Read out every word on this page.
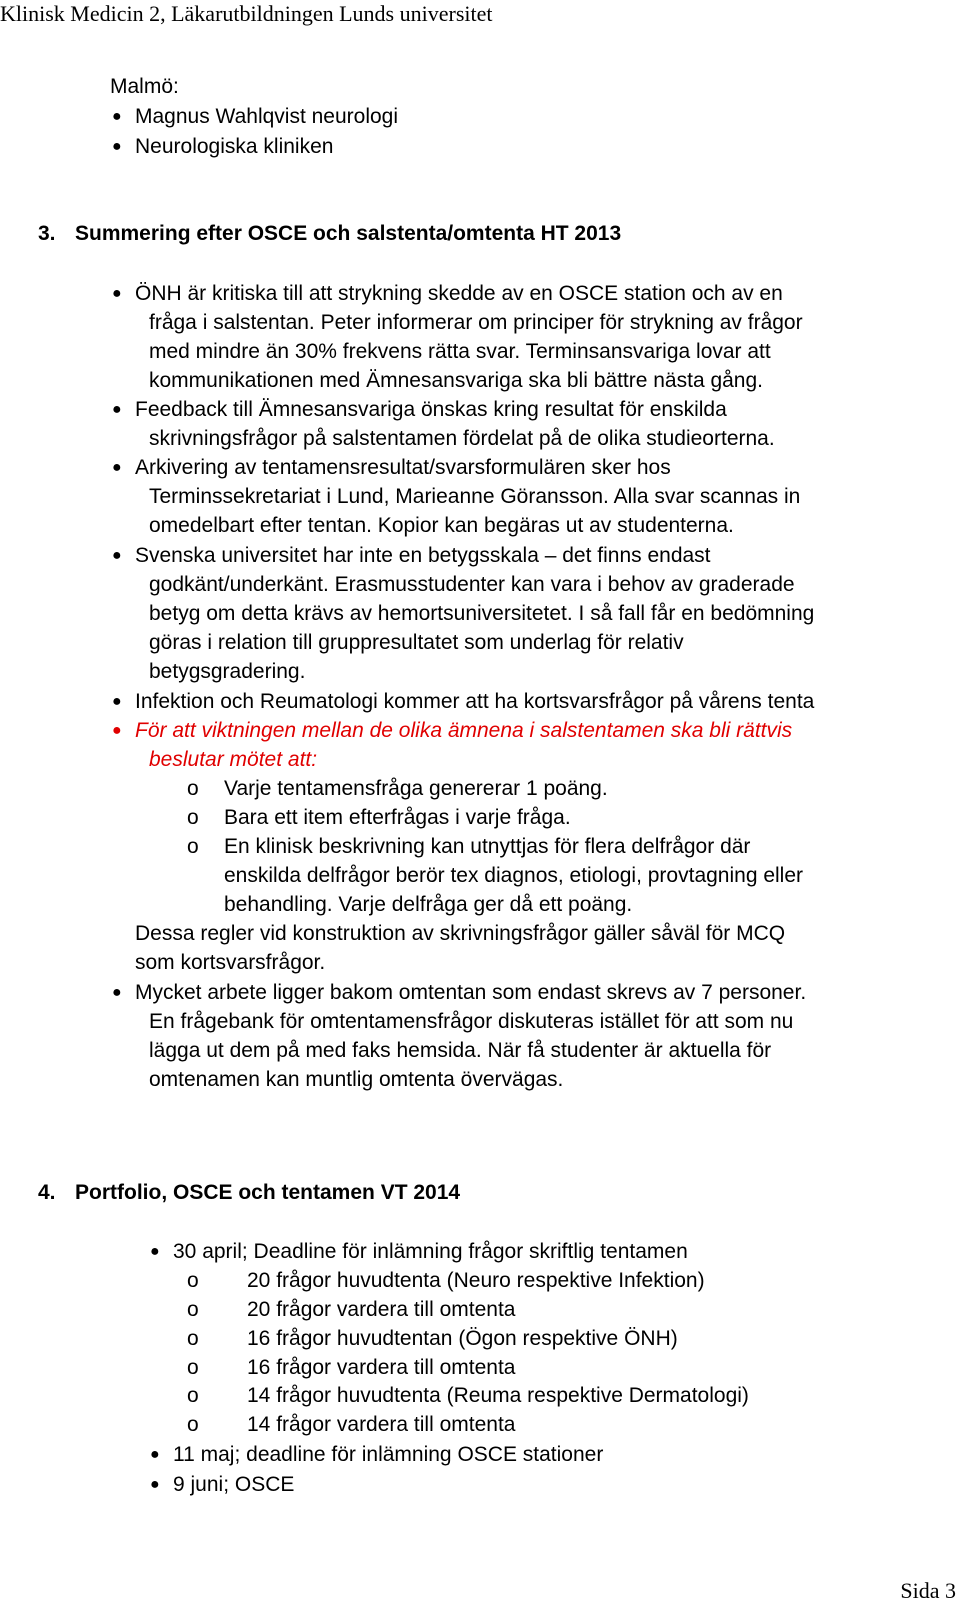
Klinisk Medicin 2, Läkarutbildningen Lunds universitet
Malmö:
● Magnus Wahlqvist neurologi
● Neurologiska kliniken
3. Summering efter OSCE och salstenta/omtenta HT 2013
● ÖNH är kritiska till att strykning skedde av en OSCE station och av en
fråga i salstentan. Peter informerar om principer för strykning av frågor
med mindre än 30% frekvens rätta svar. Terminsansvariga lovar att
kommunikationen med Ämnesansvariga ska bli bättre nästa gång.
● Feedback till Ämnesansvariga önskas kring resultat för enskilda
skrivningsfrågor på salstentamen fördelat på de olika studieorterna.
● Arkivering av tentamensresultat/svarsformulären sker hos
Terminssekretariat i Lund, Marieanne Göransson. Alla svar scannas in
omedelbart efter tentan. Kopior kan begäras ut av studenterna.
● Svenska universitet har inte en betygsskala – det finns endast
godkänt/underkänt. Erasmusstudenter kan vara i behov av graderade
betyg om detta krävs av hemortsuniversitetet. I så fall får en bedömning
göras i relation till gruppresultatet som underlag för relativ
betygsgradering.
● Infektion och Reumatologi kommer att ha kortsvarsfrågor på vårens tenta
● För att viktningen mellan de olika ämnena i salstentamen ska bli rättvis
beslutar mötet att:
o Varje tentamensfråga genererar 1 poäng.
o Bara ett item efterfrågas i varje fråga.
o En klinisk beskrivning kan utnyttjas för flera delfrågor där
enskilda delfrågor berör tex diagnos, etiologi, provtagning eller
behandling. Varje delfråga ger då ett poäng.
Dessa regler vid konstruktion av skrivningsfrågor gäller såväl för MCQ
som kortsvarsfrågor.
● Mycket arbete ligger bakom omtentan som endast skrevs av 7 personer.
En frågebank för omtentamensfrågor diskuteras istället för att som nu
lägga ut dem på med faks hemsida. När få studenter är aktuella för
omtenamen kan muntlig omtenta övervägas.
4. Portfolio, OSCE och tentamen VT 2014
● 30 april; Deadline för inlämning frågor skriftlig tentamen
o 20 frågor huvudtenta (Neuro respektive Infektion)
o 20 frågor vardera till omtenta
o 16 frågor huvudtentan (Ögon respektive ÖNH)
o 16 frågor vardera till omtenta
o 14 frågor huvudtenta (Reuma respektive Dermatologi)
o 14 frågor vardera till omtenta
● 11 maj; deadline för inlämning OSCE stationer
● 9 juni; OSCE
Sida 3
